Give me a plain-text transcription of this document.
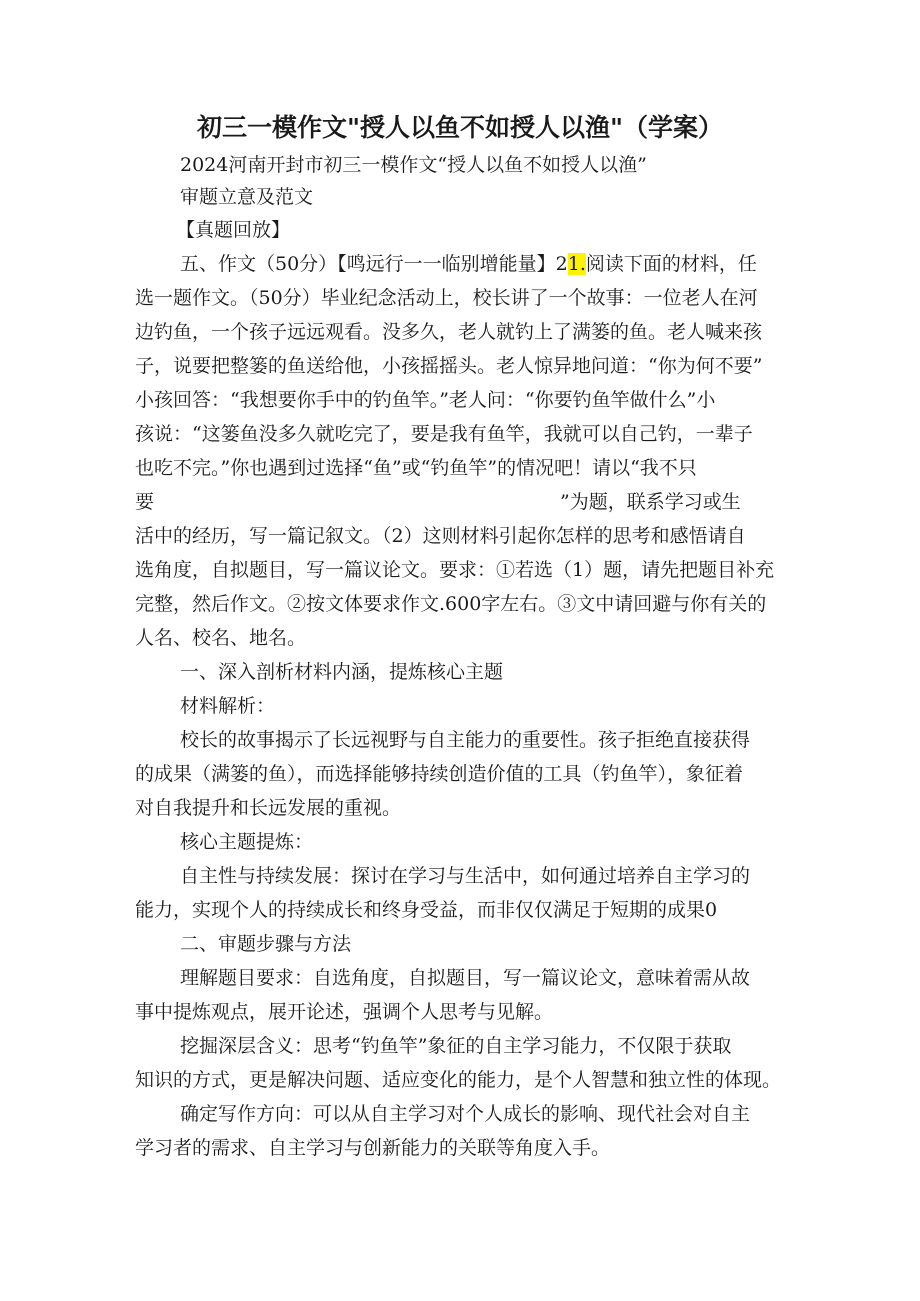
初三一模作文"授人以鱼不如授人以渔"（学案）
2024河南开封市初三一模作文“授人以鱼不如授人以渔”
审题立意及范文
【真题回放】
五、作文（50分）【鸣远行一一临别增能量】21.阅读下面的材料，任
选一题作文。（50分）毕业纪念活动上，校长讲了一个故事：一位老人在河
边钓鱼，一个孩子远远观看。没多久，老人就钓上了满篓的鱼。老人喊来孩
子，说要把整篓的鱼送给他，小孩摇摇头。老人惊异地问道：“你为何不要”
小孩回答：“我想要你手中的钓鱼竿。”老人问：“你要钓鱼竿做什么”小
孩说：“这篓鱼没多久就吃完了，要是我有鱼竿，我就可以自己钓，一辈子
也吃不完。”你也遇到过选择“鱼”或“钓鱼竿”的情况吧！请以“我不只
要	”为题，联系学习或生
活中的经历，写一篇记叙文。（2）这则材料引起你怎样的思考和感悟请自
选角度，自拟题目，写一篇议论文。要求：①若选（1）题，请先把题目补充
完整，然后作文。②按文体要求作文.600字左右。③文中请回避与你有关的
人名、校名、地名。
一、深入剖析材料内涵，提炼核心主题
材料解析：
校长的故事揭示了长远视野与自主能力的重要性。孩子拒绝直接获得
的成果（满篓的鱼），而选择能够持续创造价值的工具（钓鱼竿），象征着
对自我提升和长远发展的重视。
核心主题提炼：
自主性与持续发展：探讨在学习与生活中，如何通过培养自主学习的
能力，实现个人的持续成长和终身受益，而非仅仅满足于短期的成果0
二、审题步骤与方法
理解题目要求：自选角度，自拟题目，写一篇议论文，意味着需从故
事中提炼观点，展开论述，强调个人思考与见解。
挖掘深层含义：思考“钓鱼竿”象征的自主学习能力，不仅限于获取
知识的方式，更是解决问题、适应变化的能力，是个人智慧和独立性的体现。
确定写作方向：可以从自主学习对个人成长的影响、现代社会对自主
学习者的需求、自主学习与创新能力的关联等角度入手。
